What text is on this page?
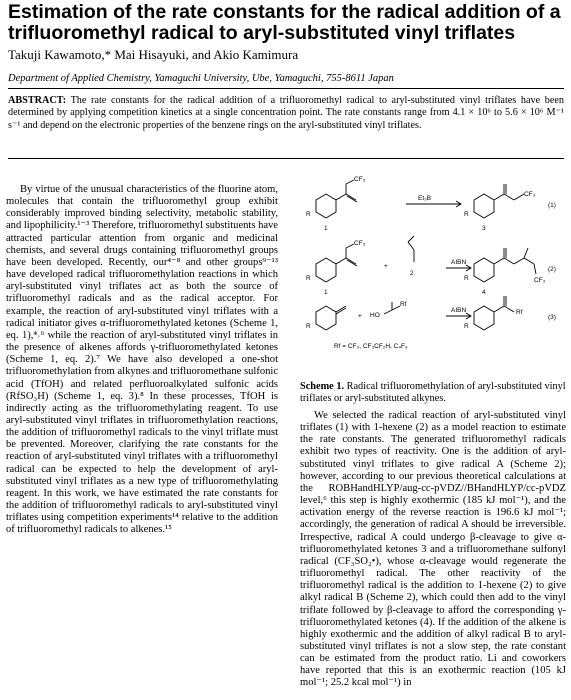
Estimation of the rate constants for the radical addition of a trifluoromethyl radical to aryl-substituted vinyl triflates
Takuji Kawamoto,* Mai Hisayuki, and Akio Kamimura
Department of Applied Chemistry, Yamaguchi University, Ube, Yamaguchi, 755-8611 Japan
ABSTRACT: The rate constants for the radical addition of a trifluoromethyl radical to aryl-substituted vinyl triflates have been determined by applying competition kinetics at a single concentration point. The rate constants range from 4.1 × 10⁶ to 5.6 × 10⁶ M⁻¹ s⁻¹ and depend on the electronic properties of the benzene rings on the aryl-substituted vinyl triflates.

By virtue of the unusual characteristics of the fluorine atom, molecules that contain the trifluoromethyl group exhibit considerably improved binding selectivity, metabolic stability, and lipophilicity.¹⁻³ Therefore, trifluoromethyl substituents have attracted particular attention from organic and medicinal chemists, and several drugs containing trifluoromethyl groups have been developed. Recently, our⁴⁻⁸ and other groups⁹⁻¹³ have developed radical trifluoromethylation reactions in which aryl-substituted vinyl triflates act as both the source of trifluoromethyl radicals and as the radical acceptor. For example, the reaction of aryl-substituted vinyl triflates with a radical initiator gives α-trifluoromethylated ketones (Scheme 1, eq. 1),⁴˒⁶ while the reaction of aryl-substituted vinyl triflates in the presence of alkenes affords γ-trifluoromethylated ketones (Scheme 1, eq. 2).⁷ We have also developed a one-shot trifluoromethylation from alkynes and trifluoromethane sulfonic acid (TfOH) and related perfluoroalkylated sulfonic acids (RfSO₃H) (Scheme 1, eq. 3).⁸ In these processes, TfOH is indirectly acting as the trifluoromethylating reagent. To use aryl-substituted vinyl triflates in trifluoromethylation reactions, the addition of trifluoromethyl radicals to the vinyl triflate must be prevented. Moreover, clarifying the rate constants for the reaction of aryl-substituted vinyl triflates with a trifluoromethyl radical can be expected to help the development of aryl-substituted vinyl triflates as a new type of trifluoromethylating reagent. In this work, we have estimated the rate constants for the addition of trifluoromethyl radicals to aryl-substituted vinyl triflates using competition experiments¹⁴ relative to the addition of trifluoromethyl radicals to alkenes.¹⁵

CF₃
R
1
Et₃B
CF₃
R
3
(1)
CF₃
R
1
+
2
AIBN
CF₃
R
4
(2)
R
+ HO
Rf
AIBN	Rf
R
(3)
Rf = CF₃, CF₃CF₂H, C₄F₉
Scheme 1. Radical trifluoromethylation of aryl-substituted vinyl triflates or aryl-substituted alkynes.

We selected the radical reaction of aryl-substituted vinyl triflates (1) with 1-hexene (2) as a model reaction to estimate the rate constants. The generated trifluoromethyl radicals exhibit two types of reactivity. One is the addition of aryl-substituted vinyl triflates to give radical A (Scheme 2); however, according to our previous theoretical calculations at the ROBHandHLYP/aug-cc-pVDZ//BHandHLYP/cc-pVDZ level,⁶ this step is highly exothermic (185 kJ mol⁻¹), and the activation energy of the reverse reaction is 196.6 kJ mol⁻¹; accordingly, the generation of radical A should be irreversible. Irrespective, radical A could undergo β-cleavage to give α-trifluoromethylated ketones 3 and a trifluoromethane sulfonyl radical (CF₃SO₂•), whose α-cleavage would regenerate the trifluoromethyl radical. The other reactivity of the trifluoromethyl radical is the addition to 1-hexene (2) to give alkyl radical B (Scheme 2), which could then add to the vinyl triflate followed by β-cleavage to afford the corresponding γ-trifluoromethylated ketones (4). If the addition of the alkene is highly exothermic and the addition of alkyl radical B to aryl-substituted vinyl triflates is not a slow step, the rate constant can be estimated from the product ratio. Li and coworkers have reported that this is an exothermic reaction (105 kJ mol⁻¹; 25.2 kcal mol⁻¹) in
